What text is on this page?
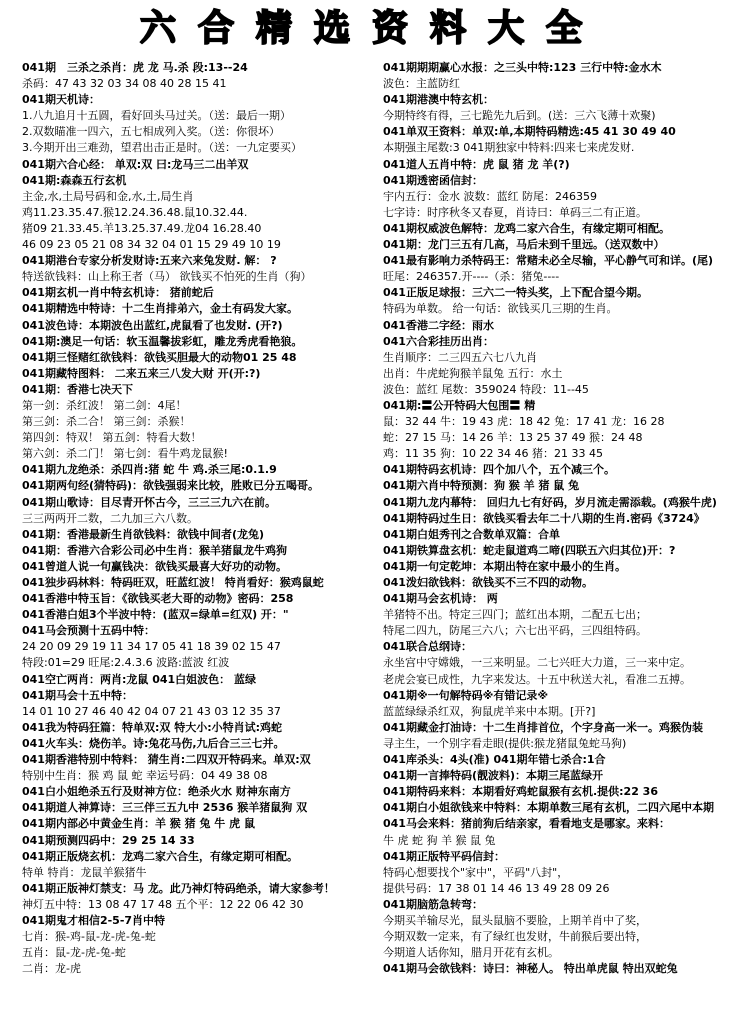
六合精选资料大全
041期　三杀之杀肖：虎 龙 马.杀 段:13--24
杀码：47 43 32 03 34 08 40 28 15 41
041期天机诗：
1.八九追月十五圆，看好回头马过关。（送：最后一期）
2.双数瞄准一四六，五七相成列入奖。（送：你很坏）
3.今期开出三难劲，望君出击正是时。（送：一九定要买）
041期六合心经： 单双:双 曰:龙马三二出羊双
041期:森森五行玄机
主金,水,土局号码和金,水,土,局生肖
鸡11.23.35.47.猴12.24.36.48.鼠10.32.44.
猪09 21.33.45.羊13.25.37.49.龙04 16.28.40
46 09 23 05 21 08 34 32 04 01 15 29 49 10 19
041期港台专家分析发财诗:五来六来兔发财. 解： ?
特送欲钱料：山上称王者（马） 欲钱买不怕死的生肖（狗）
041期玄机一肖中特玄机诗： 猪前蛇后
041期精选中特诗：十二生肖排弟六，金土有码发大家。
041波色诗：本期波色出蓝红,虎鼠看了也发财. (开?)
041期:澳足一句话：软玉温馨拔彩虹，雕龙秀虎看艳狼。
041期三怪赌红欲钱料：欲钱买胆最大的动物01 25 48
041期藏特图料： 二来五来三八发大财 开(开:?)
041期：香港七决天下
第一剑：杀红波！ 第二剑：4尾！
第三剑：杀二合！ 第三剑：杀猴！
第四剑：特双！ 第五剑：特看大数！
第六剑：杀二门！ 第七剑：看牛鸡龙鼠猴!
041期九龙绝杀：杀四肖:猪 蛇 牛 鸡.杀三尾:0.1.9
041期两句经(猜特码)：欲钱强弱来比较，胜败已分五喝哥。
041期山歌诗：目尽青开怀古今，三三三九六在前。
三三两两开二数，二九加三六八数。
041期：香港最新生肖欲钱料：欲钱中间者(龙兔)
041期：香港六合彩公司必中生肖：猴羊猪鼠龙牛鸡狗
041曾道人说一句赢钱决：欲钱买最喜大好功的动物。
041独步码林料：特码旺双，旺蓝红波！ 特肖看好：猴鸡鼠蛇
041香港中特玉旨：《欲钱买老大哥的动物》密码：258
041香港白姐3个半波中特：(蓝双=绿单=红双) 开："
041马会预测十五码中特：
24 20 09 29 19 11 34 17 05 41 18 39 02 15 47
特段:01=29 旺尾:2.4.3.6 波路:蓝波 红波
041空亡两肖：两肖:龙鼠 041白姐波色： 蓝绿
041期马会十五中特：
14 01 10 27 46 40 42 04 07 21 43 03 12 35 37
041我为特码狂篇：特单双:双 特大小:小特肖试:鸡蛇
041火车头：烧伤羊。诗:兔花马伤,九后合三三七并。
041期香港特别中特料： 猜生肖:二四双开特码来。单双:双
特别中生肖：猴 鸡 鼠 蛇 幸运号码：04 49 38 08
041白小姐绝杀五行及财神方位：绝杀火水 财神东南方
041期道人神算诗：三三伴三五九中 2536 猴羊猪鼠狗 双
041期内部必中黄金生肖：羊 猴 猪 兔 牛 虎 鼠
041期预测四码中：29 25 14 33
041期正版烧玄机：龙鸡二家六合生，有缘定期可相配。
特单 特肖：龙鼠羊猴猪牛
041期正版神灯禁支：马 龙。此乃神灯特码绝杀，请大家参考！
神灯五中特：13 08 47 17 48 五个平：12 22 06 42 30
041期鬼才相信2-5-7肖中特
七肖：猴-鸡-鼠-龙-虎-兔-蛇
五肖：鼠-龙-虎-兔-蛇
二肖：龙-虎
041期期期赢心水报：之三头中特:123 三行中特:金水木
波色：主蓝防红
041期港澳中特玄机：
今期特终有得，三七跪先九后到。(送：三六飞薄十欢聚)
041单双王资料：单双:单,本期特码精选:45 41 30 49 40
本期强主尾数:3 041期独家中特料:四来七来虎发财.
041道人五肖中特：虎 鼠 猪 龙 羊(?)
041期透密函信封：
宇内五行：金水 波数：蓝红 防尾：246359
七字诗：时序秋冬又春夏，肖诗曰：单码三二有正道。
041期权威波色解特：龙鸡二家六合生，有缘定期可相配。
041期：龙门三五有几高，马后未到千里远。（送双数中）
041最有影响力杀特码王：常赌未必全尽输，平心静气可和详。(尾)
旺尾：246357.开----（杀：猪兔----
041正版足球报：三六二一特头奖，上下配合望今期。
特码为单数。 给一句话：欲钱买几三期的生肖。
041香港二字经：雨水
041六合彩挂历出肖：
生肖顺序：二三四五六七八九肖
出肖：牛虎蛇狗猴羊鼠兔 五行：水土
波色：蓝红 尾数：359024 特段：11--45
041期:〓公开特码大包围〓 精
鼠：32 44 牛：19 43 虎：18 42 兔：17 41 龙：16 28
蛇：27 15 马：14 26 羊：13 25 37 49 猴：24 48
鸡：11 35 狗：10 22 34 46 猪：21 33 45
041期特码玄机诗：四个加八个，五个减三个。
041期六肖中特预测：狗 猴 羊 猪 鼠 兔
041期九龙内幕特： 回归九七有好码，岁月流走需添载。(鸡猴牛虎)
041期特码过生日：欲钱买看去年二十八期的生肖.密码《3724》
041期白姐秀刊之合数单双篇：合单
041期铁算盘玄机：蛇走鼠道鸡二啼(四联五六归其位)开：?
041期一句定乾坤：本期出特在家中最小的生肖。
041泼妇欲钱料：欲钱买不三不四的动物。
041期马会玄机诗： 两
羊猪特不出。特定三四门；蓝红出本期，二配五七出；
特尾二四九，防尾三六八；六七出平码，三四组特码。
041联合总纲诗：
永坐宫中守嫦娥，一三来明显。二七兴旺大力道，三一来中定。
老虎会宴已成性，九字来发达。十五中秋送大礼，看准二五搏。
041期※一句解特码※有错记录※
蓝蓝绿绿杀红双，狗鼠虎羊来中本期。[开?]
041期藏金打油诗：十二生肖排首位，个字身高一米一。鸡猴伪装
寻主生，一个别字看走眼(提供:猴龙猪鼠兔蛇马狗)
041库杀头：4头(准) 041期年错七杀合:1合
041期一言捧特码(靓波料)：本期三尾蓝绿开
041期特码来料：本期看好鸡蛇鼠猴有玄机.提供:22 36
041期白小姐欲钱来中特料：本期单数三尾有玄机，二四六尾中本期
041马会来料：猪前狗后结亲家，看看地支是哪家。来料：
牛 虎 蛇 狗 羊 猴 鼠 兔
041期正版特平码信封：
特码心想要找个"家中"，平码"八封"，
提供号码：17 38 01 14 46 13 49 28 09 26
041期脑筋急转弯：
今期买羊输尽光，鼠头鼠脑不要脸，上期羊肖中了奖，
今期双数一定来，有了绿红也发财，牛前猴后要出特，
今期道人话你知，腊月开花有玄机。
041期马会欲钱料：诗曰：神秘人。 特出单虎鼠 特出双蛇兔
